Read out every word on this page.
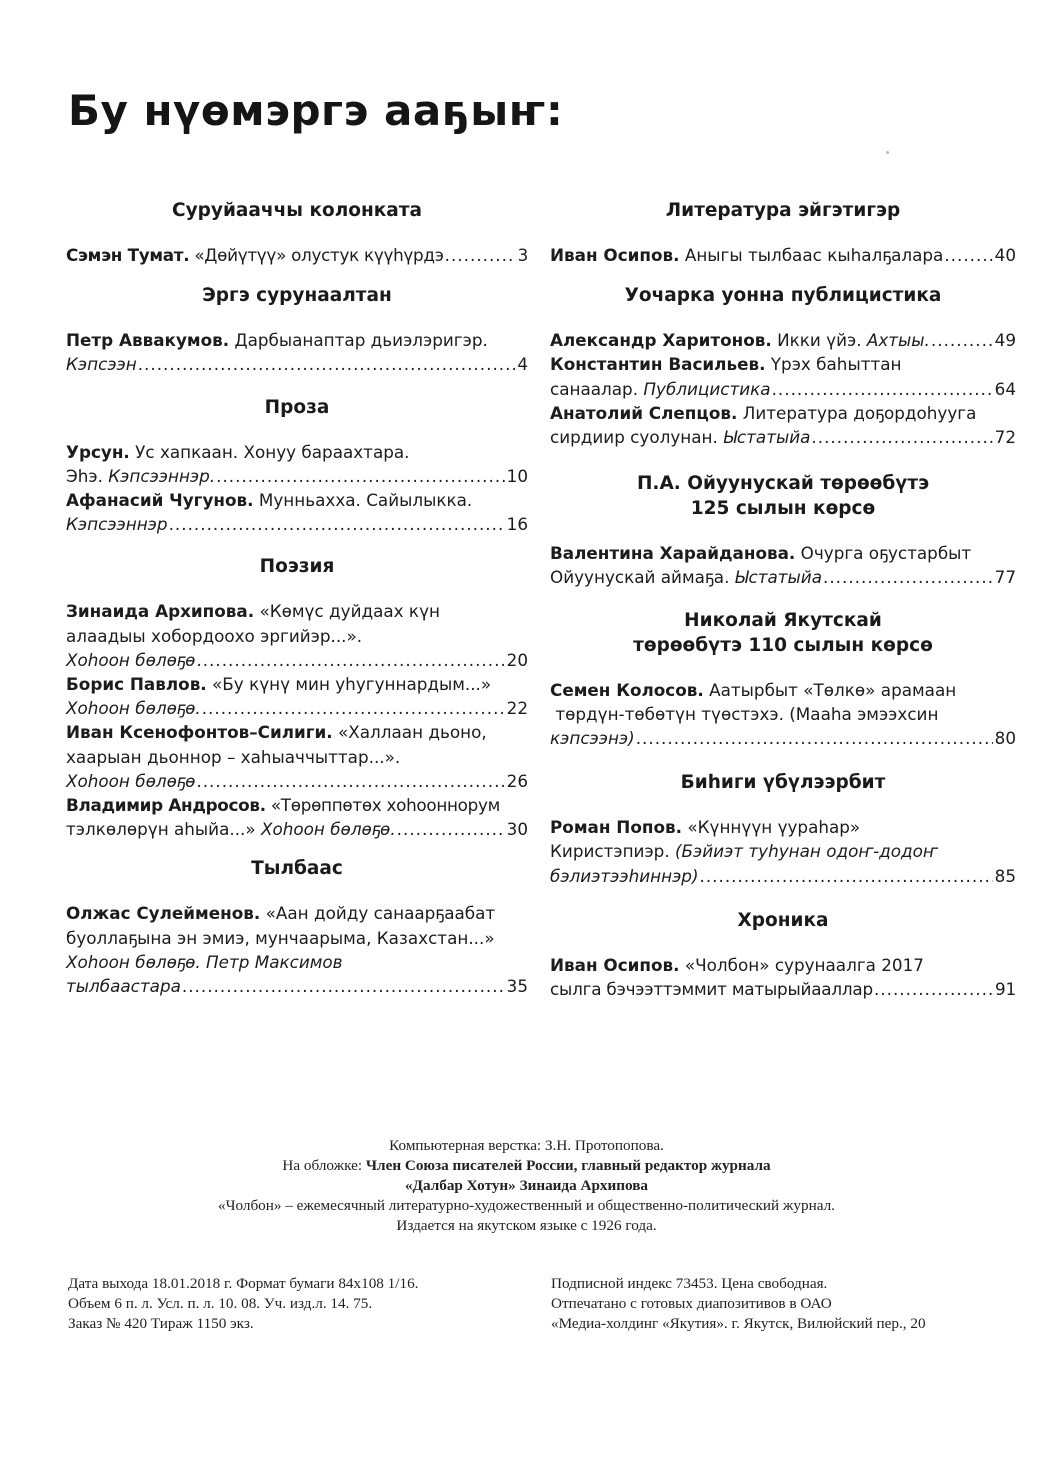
Бу нүөмэргэ ааҕыҥ:

Суруйааччы колонката

Сэмэн Тумат.
«Дөйүтүү» олустук күүһүрдэ .....	3

Эргэ сурунаалтан

Петр Аввакумов. Дарбыанаптар дьиэлэригэр.
Кэпсээн .....	4

Проза

Урсун. Ус хапкаан. Хонуу бараахтара.
Эһэ.
Кэпсээннэр. .....	10
Афанасий Чугунов. Мунньахха. Сайылыкка.
Кэпсээннэр .....	16

Поэзия

Зинаида Архипова. «Көмүс дуйдаах күн
алаадыы хобордоохо эргийэр...».
Хоһоон бөлөҕө .....	20
Борис Павлов. «Бу күнү мин уһугуннардым...»
Хоһоон бөлөҕө. .....	22
Иван Ксенофонтов–Силиги. «Халлаан дьоно,
хаарыан дьоннор – хаһыаччыттар...».
Хоһоон бөлөҕө .....	26
Владимир Андросов. «Төрөппөтөх хоһооннорум
тэлкөлөрүн аһыйа...»
Хоһоон бөлөҕө. .....	30

Тылбаас

Олжас Сулейменов. «Аан дойду санаарҕаабат
буоллаҕына эн эмиэ, мунчаарыма, Казахстан...»
Хоһоон бөлөҕө. Петр Максимов
тылбаастара .....	35

Литература эйгэтигэр

Иван Осипов.
Аныгы тылбаас кыһалҕалара .....	40

Уочарка уонна публицистика

Александр Харитонов.
Икки үйэ.
Ахтыы. .....	49
Константин Васильев. Үрэх баһыттан
санаалар.
Публицистика .....	64
Анатолий Слепцов. Литература доҕордоһууга
сирдиир суолунан.
Ыстатыйа .....	72

П.А. Ойуунускай төрөөбүтэ
125 сылын көрсө

Валентина Харайданова. Очурга оҕустарбыт
Ойуунускай аймаҕа.
Ыстатыйа .....	77

Николай Якутскай
төрөөбүтэ 110 сылын көрсө

Семен Колосов. Аатырбыт «Төлкө» арамаан
төрдүн-төбөтүн түөстэхэ. (Мааһа эмээхсин
кэпсээнэ) .....	80

Биһиги үбүлээрбит

Роман Попов. «Күннүүн үураһар»
Киристэпиэр. (Бэйиэт туһунан одоҥ-додоҥ
бэлиэтээһиннэр) .....	85

Хроника

Иван Осипов. «Чолбон» сурунаалга 2017
сылга бэчээттэммит матырыйааллар .....	91
Компьютерная верстка: З.Н. Протопопова.
На обложке: Член Союза писателей России, главный редактор журнала
«Далбар Хотун» Зинаида Архипова
«Чолбон» – ежемесячный литературно-художественный и общественно-политический журнал.
Издается на якутском языке с 1926 года.
Дата выхода 18.01.2018 г. Формат бумаги 84х108 1/16.
Объем 6 п. л. Усл. п. л. 10. 08. Уч. изд.л. 14. 75.
Заказ № 420 Тираж 1150 экз.
Подписной индекс 73453. Цена свободная.
Отпечатано с готовых диапозитивов в ОАО
«Медиа-холдинг «Якутия». г. Якутск, Вилюйский пер., 20
